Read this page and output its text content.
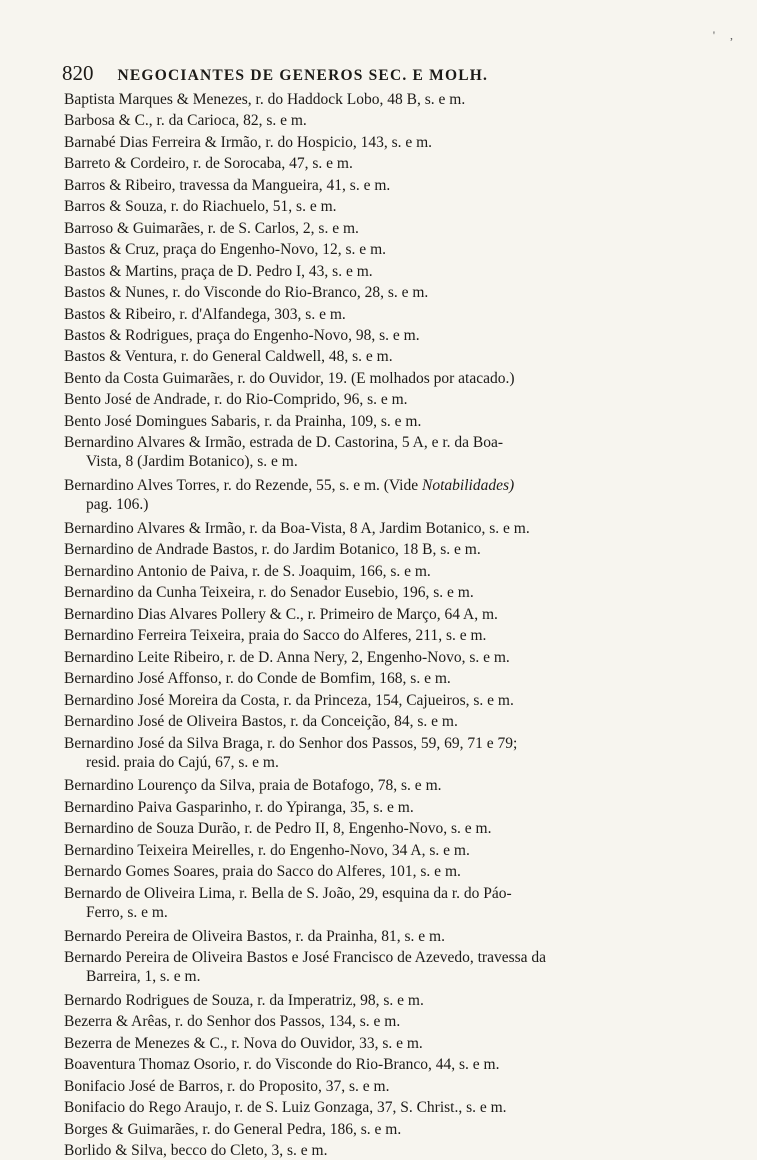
' ,
820 NEGOCIANTES DE GENEROS SEC. E MOLH.
Baptista Marques & Menezes, r. do Haddock Lobo, 48 B, s. e m.
Barbosa & C., r. da Carioca, 82, s. e m.
Barnabé Dias Ferreira & Irmão, r. do Hospicio, 143, s. e m.
Barreto & Cordeiro, r. de Sorocaba, 47, s. e m.
Barros & Ribeiro, travessa da Mangueira, 41, s. e m.
Barros & Souza, r. do Riachuelo, 51, s. e m.
Barroso & Guimarães, r. de S. Carlos, 2, s. e m.
Bastos & Cruz, praça do Engenho-Novo, 12, s. e m.
Bastos & Martins, praça de D. Pedro I, 43, s. e m.
Bastos & Nunes, r. do Visconde do Rio-Branco, 28, s. e m.
Bastos & Ribeiro, r. d'Alfandega, 303, s. e m.
Bastos & Rodrigues, praça do Engenho-Novo, 98, s. e m.
Bastos & Ventura, r. do General Caldwell, 48, s. e m.
Bento da Costa Guimarães, r. do Ouvidor, 19. (E molhados por atacado.)
Bento José de Andrade, r. do Rio-Comprido, 96, s. e m.
Bento José Domingues Sabaris, r. da Prainha, 109, s. e m.
Bernardino Alvares & Irmão, estrada de D. Castorina, 5 A, e r. da Boa-
Vista, 8 (Jardim Botanico), s. e m.
Bernardino Alves Torres, r. do Rezende, 55, s. e m. (Vide Notabilidades)
pag. 106.)
Bernardino Alvares & Irmão, r. da Boa-Vista, 8 A, Jardim Botanico, s. e m.
Bernardino de Andrade Bastos, r. do Jardim Botanico, 18 B, s. e m.
Bernardino Antonio de Paiva, r. de S. Joaquim, 166, s. e m.
Bernardino da Cunha Teixeira, r. do Senador Eusebio, 196, s. e m.
Bernardino Dias Alvares Pollery & C., r. Primeiro de Março, 64 A, m.
Bernardino Ferreira Teixeira, praia do Sacco do Alferes, 211, s. e m.
Bernardino Leite Ribeiro, r. de D. Anna Nery, 2, Engenho-Novo, s. e m.
Bernardino José Affonso, r. do Conde de Bomfim, 168, s. e m.
Bernardino José Moreira da Costa, r. da Princeza, 154, Cajueiros, s. e m.
Bernardino José de Oliveira Bastos, r. da Conceição, 84, s. e m.
Bernardino José da Silva Braga, r. do Senhor dos Passos, 59, 69, 71 e 79;
resid. praia do Cajú, 67, s. e m.
Bernardino Lourenço da Silva, praia de Botafogo, 78, s. e m.
Bernardino Paiva Gasparinho, r. do Ypiranga, 35, s. e m.
Bernardino de Souza Durão, r. de Pedro II, 8, Engenho-Novo, s. e m.
Bernardino Teixeira Meirelles, r. do Engenho-Novo, 34 A, s. e m.
Bernardo Gomes Soares, praia do Sacco do Alferes, 101, s. e m.
Bernardo de Oliveira Lima, r. Bella de S. João, 29, esquina da r. do Páo-
Ferro, s. e m.
Bernardo Pereira de Oliveira Bastos, r. da Prainha, 81, s. e m.
Bernardo Pereira de Oliveira Bastos e José Francisco de Azevedo, travessa da
Barreira, 1, s. e m.
Bernardo Rodrigues de Souza, r. da Imperatriz, 98, s. e m.
Bezerra & Arêas, r. do Senhor dos Passos, 134, s. e m.
Bezerra de Menezes & C., r. Nova do Ouvidor, 33, s. e m.
Boaventura Thomaz Osorio, r. do Visconde do Rio-Branco, 44, s. e m.
Bonifacio José de Barros, r. do Proposito, 37, s. e m.
Bonifacio do Rego Araujo, r. de S. Luiz Gonzaga, 37, S. Christ., s. e m.
Borges & Guimarães, r. do General Pedra, 186, s. e m.
Borlido & Silva, becco do Cleto, 3, s. e m.
